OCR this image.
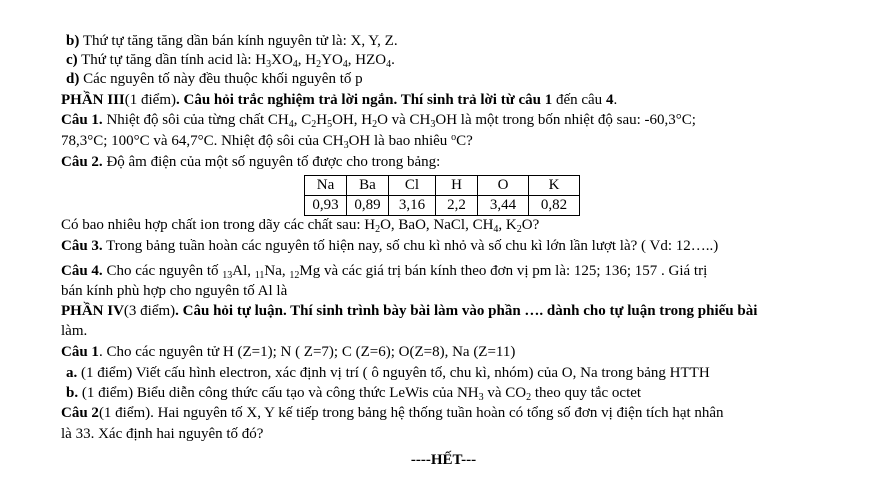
b) Thứ tự tăng tăng dần bán kính nguyên tử là: X, Y, Z.
c) Thứ tự tăng dần tính acid là: $H_3XO_4$, $H_2YO_4$, $HZO_4$.
d) Các nguyên tố này đều thuộc khối nguyên tố p
PHẦN III(1 điểm). Câu hỏi trắc nghiệm trả lời ngắn. Thí sinh trả lời từ câu 1 đến câu 4.
Câu 1. Nhiệt độ sôi của từng chất $CH_4$, $C_2H_5OH$, $H_2O$ và $CH_3OH$ là một trong bốn nhiệt độ sau: -60,3°C;
78,3°C; 100°C và 64,7°C. Nhiệt độ sôi của $CH_3OH$ là bao nhiêu $^o$C?
Câu 2. Độ âm điện của một số nguyên tố được cho trong bảng:
Na	Ba	Cl	H	O	K
0,93	0,89	3,16	2,2	3,44	0,82
Có bao nhiêu hợp chất ion trong dãy các chất sau: $H_2O$, BaO, NaCl, $CH_4$, $K_2O$?
Câu 3. Trong bảng tuần hoàn các nguyên tố hiện nay, số chu kì nhỏ và số chu kì lớn lần lượt là? ( Vd: 12…..)
Câu 4. Cho các nguyên tố $_{13}$Al, $_{11}$Na, $_{12}$Mg và các giá trị bán kính theo đơn vị pm là: 125; 136; 157 . Giá trị
bán kính phù hợp cho nguyên tố Al là
PHẦN IV(3 điểm). Câu hỏi tự luận. Thí sinh trình bày bài làm vào phần …. dành cho tự luận trong phiếu bài
làm.
Câu 1. Cho các nguyên tử H (Z=1); N ( Z=7); C (Z=6); O(Z=8), Na (Z=11)
a. (1 điểm) Viết cấu hình electron, xác định vị trí ( ô nguyên tố, chu kì, nhóm) của O, Na trong bảng HTTH
b. (1 điểm) Biểu diễn công thức cấu tạo và công thức LeWis của $NH_3$ và $CO_2$ theo quy tắc octet
Câu 2(1 điểm). Hai nguyên tố X, Y kế tiếp trong bảng hệ thống tuần hoàn có tổng số đơn vị điện tích hạt nhân
là 33. Xác định hai nguyên tố đó?
----HẾT---
